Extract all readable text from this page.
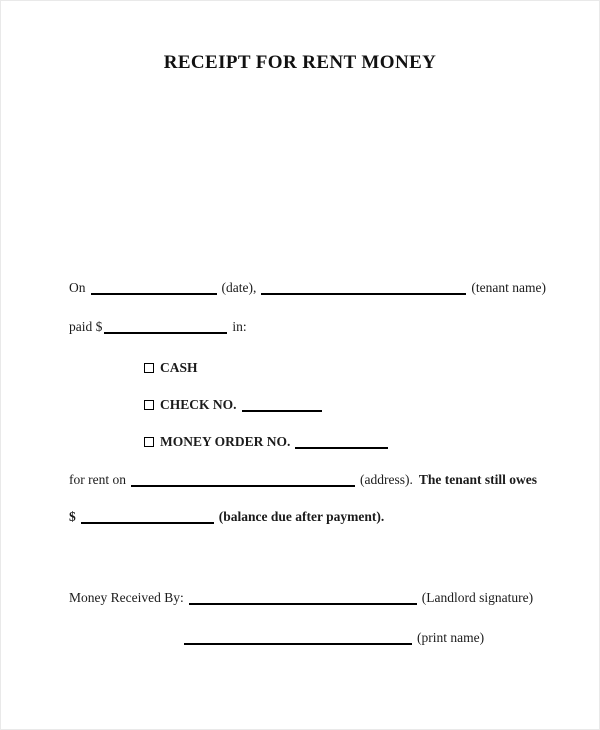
RECEIPT FOR RENT MONEY
On	(date),	(tenant name)
paid $	in:
CASH
CHECK NO.
MONEY ORDER NO.
for rent on	(address). The tenant still owes
$	(balance due after payment).
Money Received By:	(Landlord signature)
(print name)
